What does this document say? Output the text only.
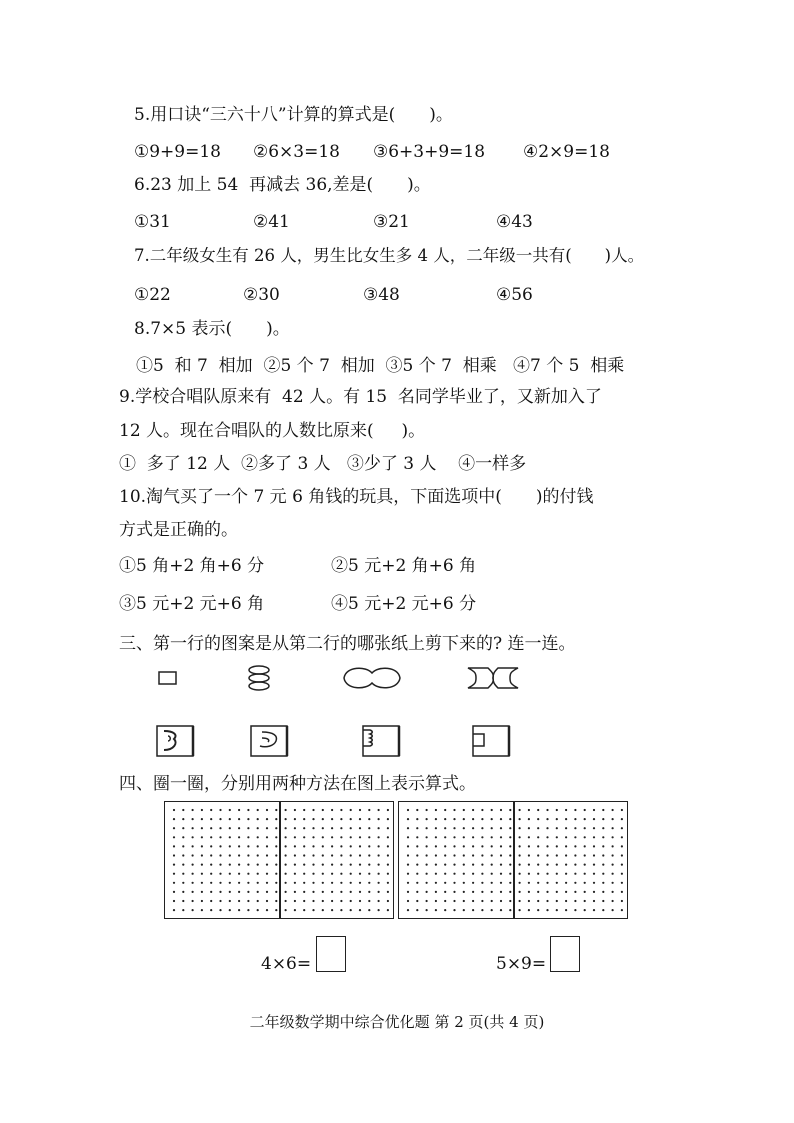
5.用口诀“三六十八”计算的算式是(　　)。
①9+9=18 ②6×3=18 ③6+3+9=18 ④2×9=18
6.23 加上 54  再减去 36,差是(　　)。
①31	②41	③21	④43
7.二年级女生有 26 人，男生比女生多 4 人，二年级一共有(　　)人。
①22	②30	③48	④56
8.7×5 表示(　　)。
①5  和 7  相加  ②5 个 7  相加  ③5 个 7  相乘   ④7 个 5  相乘
9.学校合唱队原来有  42 人。有 15  名同学毕业了，又新加入了
12 人。现在合唱队的人数比原来(　  )。
①  多了 12 人  ②多了 3 人   ③少了 3 人    ④一样多
10.淘气买了一个 7 元 6 角钱的玩具，下面选项中(　　)的付钱
方式是正确的。
①5 角+2 角+6 分	②5 元+2 角+6 角
③5 元+2 元+6 角	④5 元+2 元+6 分
三、第一行的图案是从第二行的哪张纸上剪下来的? 连一连。
四、圈一圈，分别用两种方法在图上表示算式。
4×6=	5×9=
二年级数学期中综合优化题 第 2 页(共 4 页)
